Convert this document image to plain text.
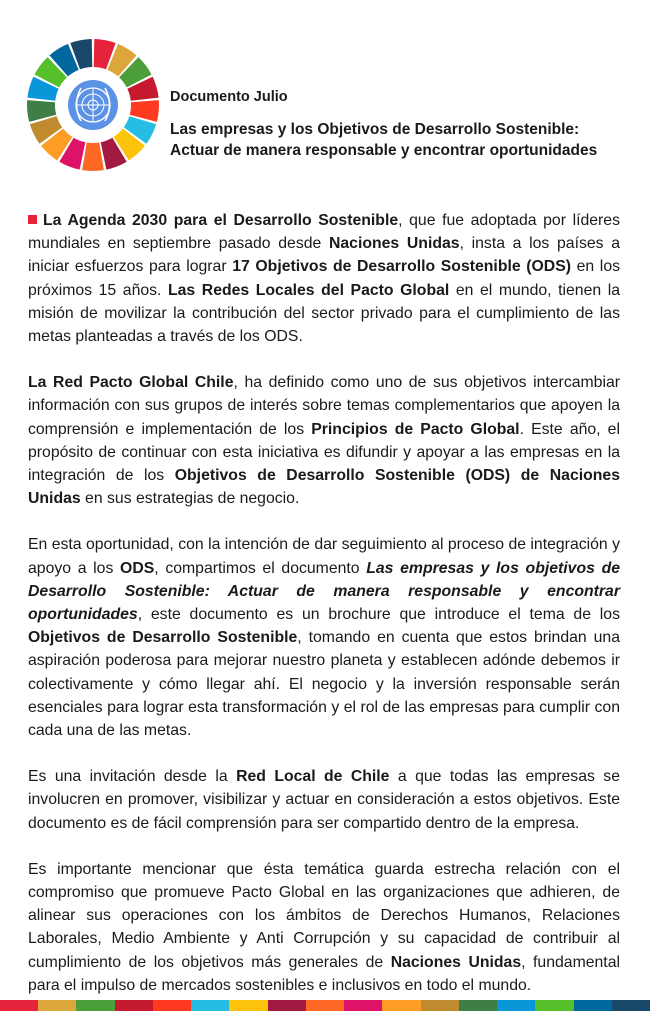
Documento Julio
Las empresas y los Objetivos de Desarrollo Sostenible:
Actuar de manera responsable y encontrar oportunidades

La Agenda 2030 para el Desarrollo Sostenible, que fue adoptada por líderes mundiales en septiembre pasado desde Naciones Unidas, insta a los países a iniciar esfuerzos para lograr 17 Objetivos de Desarrollo Sostenible (ODS) en los próximos 15 años. Las Redes Locales del Pacto Global en el mundo, tienen la misión de movilizar la contribución del sector privado para el cumplimiento de las metas planteadas a través de los ODS.

La Red Pacto Global Chile, ha definido como uno de sus objetivos intercambiar información con sus grupos de interés sobre temas complementarios que apoyen la comprensión e implementación de los Principios de Pacto Global. Este año, el propósito de continuar con esta iniciativa es difundir y apoyar a las empresas en la integración de los Objetivos de Desarrollo Sostenible (ODS) de Naciones Unidas en sus estrategias de negocio.

En esta oportunidad, con la intención de dar seguimiento al proceso de integración y apoyo a los ODS, compartimos el documento Las empresas y los objetivos de Desarrollo Sostenible: Actuar de manera responsable y encontrar oportunidades, este documento es un brochure que introduce el tema de los Objetivos de Desarrollo Sostenible, tomando en cuenta que estos brindan una aspiración poderosa para mejorar nuestro planeta y establecen adónde debemos ir colectivamente y cómo llegar ahí. El negocio y la inversión responsable serán esenciales para lograr esta transformación y el rol de las empresas para cumplir con cada una de las metas.

Es una invitación desde la Red Local de Chile a que todas las empresas se involucren en promover, visibilizar y actuar en consideración a estos objetivos. Este documento es de fácil comprensión para ser compartido dentro de la empresa.

Es importante mencionar que ésta temática guarda estrecha relación con el compromiso que promueve Pacto Global en las organizaciones que adhieren, de alinear sus operaciones con los ámbitos de Derechos Humanos, Relaciones Laborales, Medio Ambiente y Anti Corrupción y su capacidad de contribuir al cumplimiento de los objetivos más generales de Naciones Unidas, fundamental para el impulso de mercados sostenibles e inclusivos en todo el mundo.
